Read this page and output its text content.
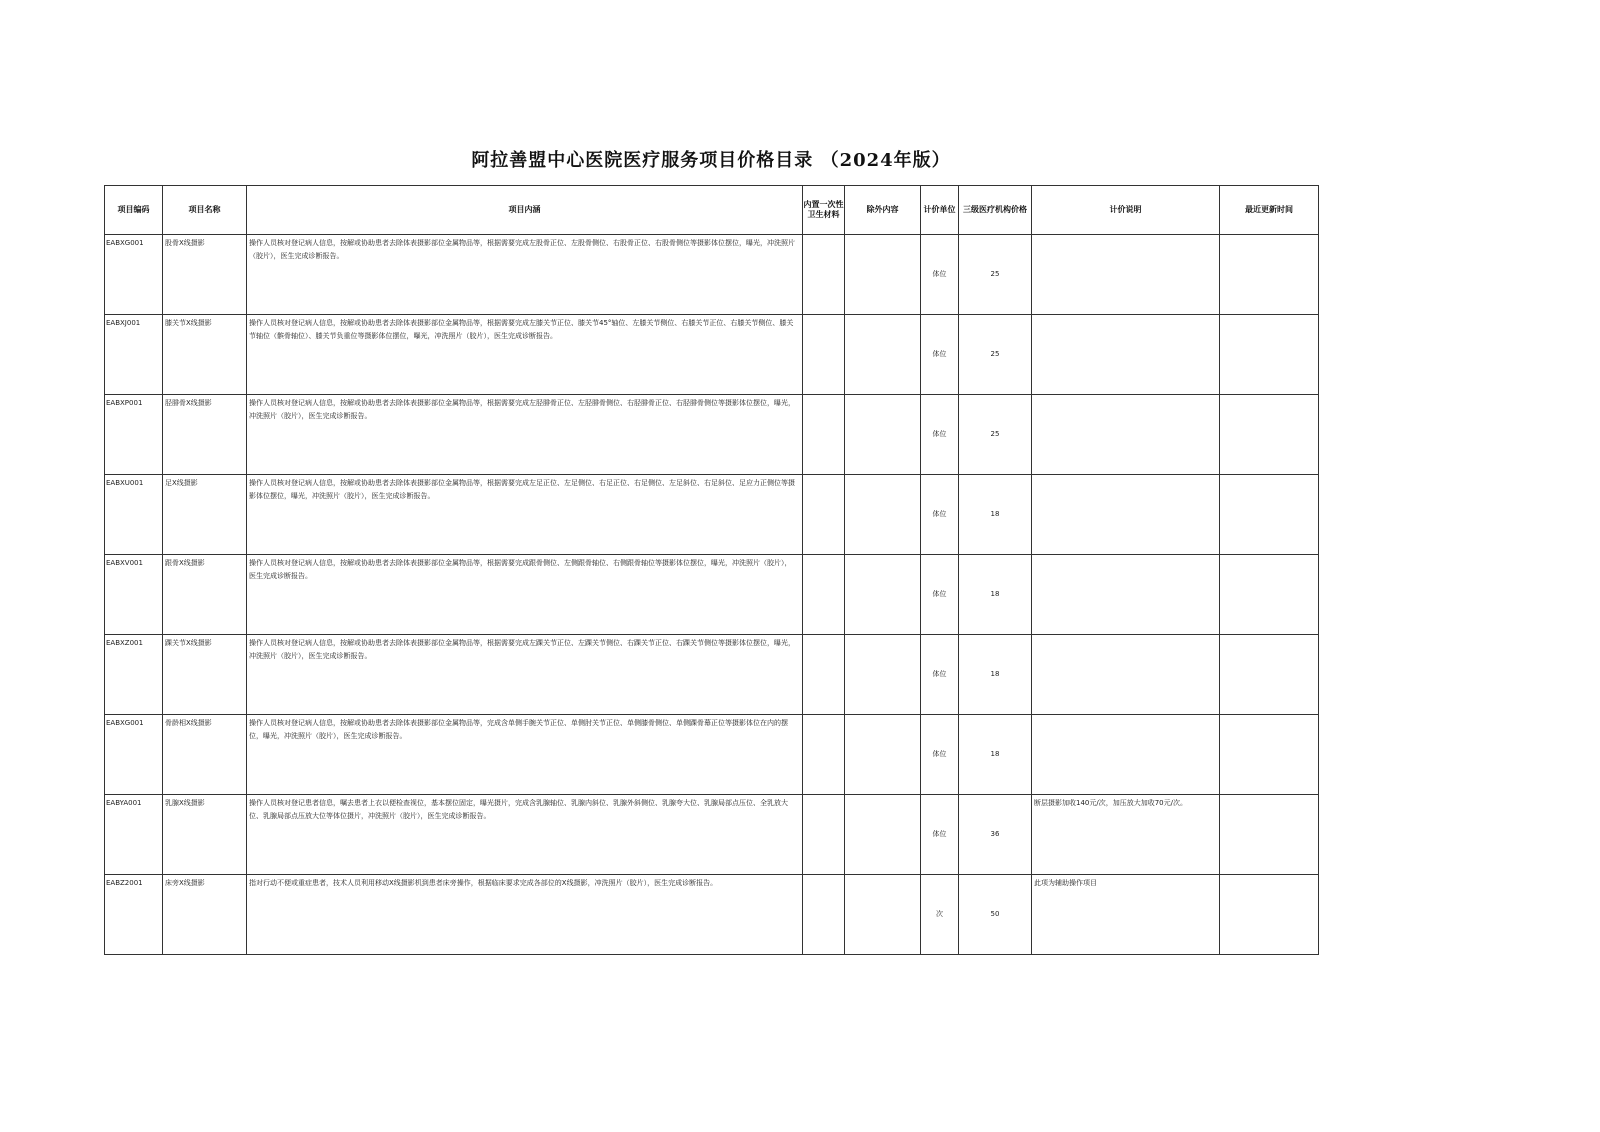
阿拉善盟中心医院医疗服务项目价格目录 （2024年版）
项目编码	项目名称	项目内涵	内置一次性卫生材料	除外内容	计价单位	三级医疗机构价格	计价说明	最近更新时间
EABXG001	股骨X线摄影	操作人员核对登记病人信息，按解或协助患者去除体表摄影部位金属物品等，根据需要完成左股骨正位、左股骨侧位、右股骨正位、右股骨侧位等摄影体位摆位，曝光，冲洗照片（胶片），医生完成诊断报告。			体位	25		
EABXJ001	膝关节X线摄影	操作人员核对登记病人信息，按解或协助患者去除体表摄影部位金属物品等，根据需要完成左膝关节正位、膝关节45°轴位、左膝关节侧位、右膝关节正位、右膝关节侧位、膝关节轴位（髌骨轴位）、膝关节负重位等摄影体位摆位，曝光，冲洗照片（胶片），医生完成诊断报告。			体位	25		
EABXP001	胫腓骨X线摄影	操作人员核对登记病人信息，按解或协助患者去除体表摄影部位金属物品等，根据需要完成左胫腓骨正位、左胫腓骨侧位、右胫腓骨正位、右胫腓骨侧位等摄影体位摆位，曝光，冲洗照片（胶片），医生完成诊断报告。			体位	25		
EABXU001	足X线摄影	操作人员核对登记病人信息，按解或协助患者去除体表摄影部位金属物品等，根据需要完成左足正位、左足侧位、右足正位、右足侧位、左足斜位、右足斜位、足应力正侧位等摄影体位摆位，曝光，冲洗照片（胶片），医生完成诊断报告。			体位	18		
EABXV001	跟骨X线摄影	操作人员核对登记病人信息，按解或协助患者去除体表摄影部位金属物品等，根据需要完成跟骨侧位、左侧跟骨轴位、右侧跟骨轴位等摄影体位摆位，曝光，冲洗照片（胶片），医生完成诊断报告。			体位	18		
EABXZ001	踝关节X线摄影	操作人员核对登记病人信息，按解或协助患者去除体表摄影部位金属物品等，根据需要完成左踝关节正位、左踝关节侧位、右踝关节正位、右踝关节侧位等摄影体位摆位，曝光，冲洗照片（胶片），医生完成诊断报告。			体位	18		
EABXG001	骨龄相X线摄影	操作人员核对登记病人信息，按解或协助患者去除体表摄影部位金属物品等，完成含单侧手腕关节正位、单侧肘关节正位、单侧膝骨侧位、单侧踝骨幕正位等摄影体位在内的摆位，曝光，冲洗照片（胶片），医生完成诊断报告。			体位	18		
EABYA001	乳腺X线摄影	操作人员核对登记患者信息，嘱去患者上衣以便检查视位，基本摆位固定，曝光摄片，完成含乳腺轴位、乳腺内斜位、乳腺外斜侧位、乳腺夸大位、乳腺局部点压位、全乳放大位、乳腺局部点压放大位等体位摄片，冲洗照片（胶片），医生完成诊断报告。			体位	36	断层摄影加收140元/次，加压放大加收70元/次。	
EABZ2001	床旁X线摄影	指对行动不便或重症患者，技术人员利用移动X线摄影机到患者床旁操作，根据临床要求完成各部位的X线摄影，冲洗照片（胶片），医生完成诊断报告。			次	50	此项为辅助操作项目	
